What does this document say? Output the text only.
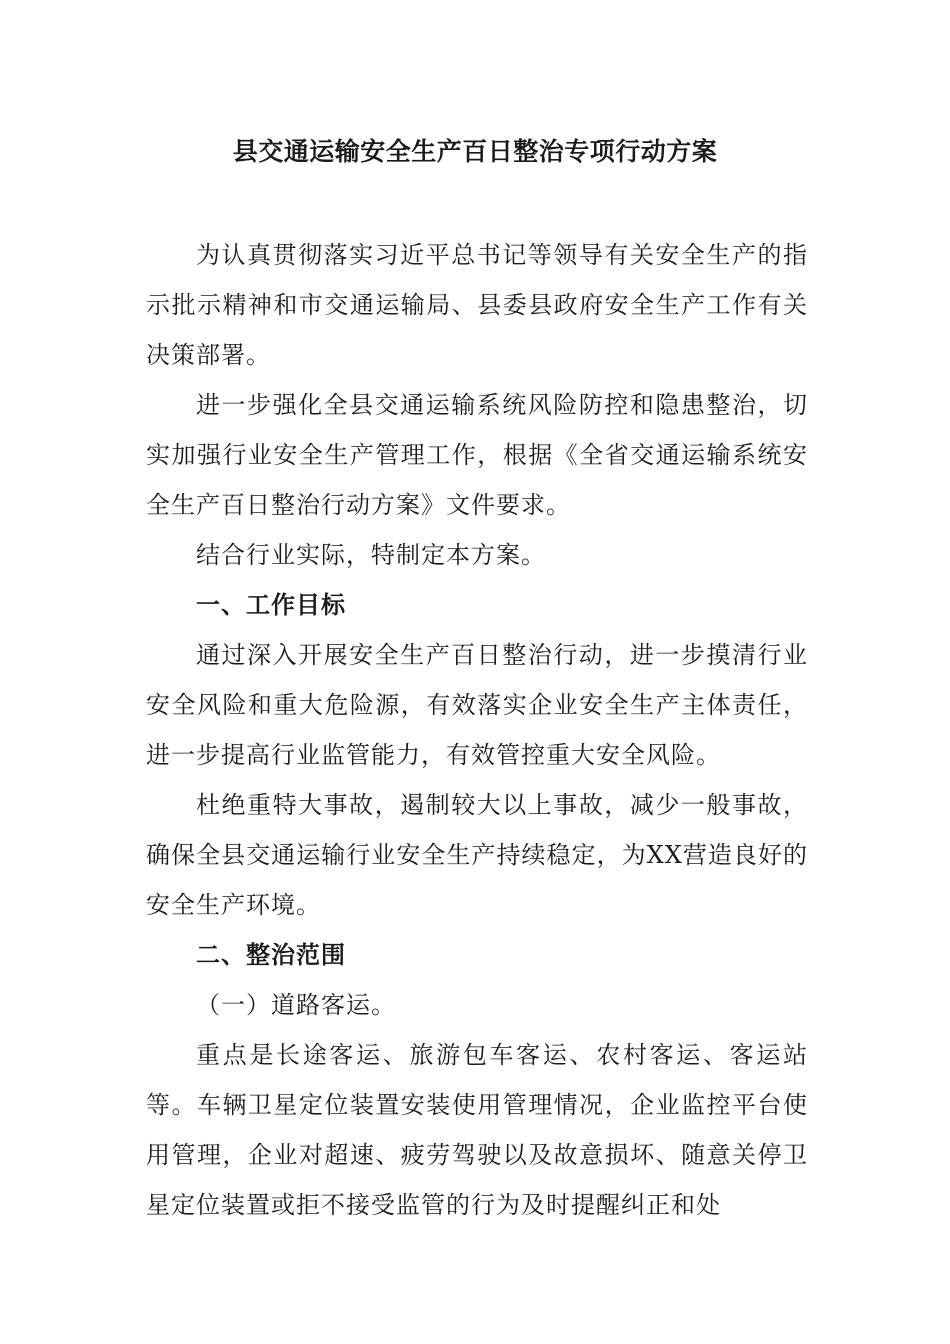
县交通运输安全生产百日整治专项行动方案

为认真贯彻落实习近平总书记等领导有关安全生产的指示批示精神和市交通运输局、县委县政府安全生产工作有关决策部署。

进一步强化全县交通运输系统风险防控和隐患整治，切实加强行业安全生产管理工作，根据《全省交通运输系统安全生产百日整治行动方案》文件要求。

结合行业实际，特制定本方案。

一、工作目标

通过深入开展安全生产百日整治行动，进一步摸清行业安全风险和重大危险源，有效落实企业安全生产主体责任，进一步提高行业监管能力，有效管控重大安全风险。

杜绝重特大事故，遏制较大以上事故，减少一般事故，确保全县交通运输行业安全生产持续稳定，为XX营造良好的安全生产环境。

二、整治范围

（一）道路客运。

重点是长途客运、旅游包车客运、农村客运、客运站等。车辆卫星定位装置安装使用管理情况，企业监控平台使用管理，企业对超速、疲劳驾驶以及故意损坏、随意关停卫星定位装置或拒不接受监管的行为及时提醒纠正和处
